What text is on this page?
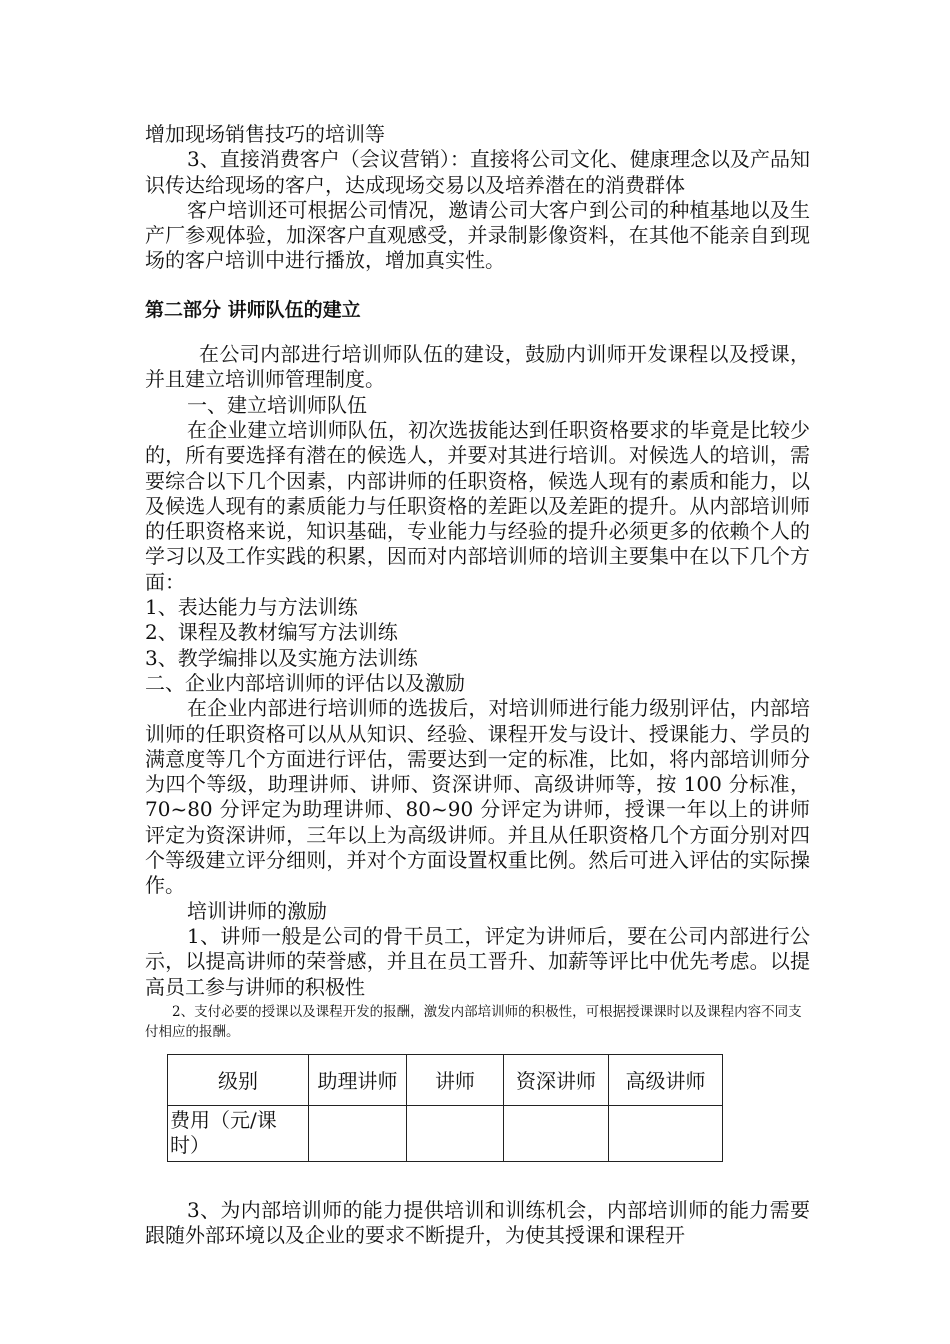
增加现场销售技巧的培训等

3、直接消费客户（会议营销）：直接将公司文化、健康理念以及产品知识传达给现场的客户，达成现场交易以及培养潜在的消费群体

客户培训还可根据公司情况，邀请公司大客户到公司的种植基地以及生产厂参观体验，加深客户直观感受，并录制影像资料，在其他不能亲自到现场的客户培训中进行播放，增加真实性。

第二部分 讲师队伍的建立

在公司内部进行培训师队伍的建设，鼓励内训师开发课程以及授课，并且建立培训师管理制度。

一、建立培训师队伍

在企业建立培训师队伍，初次选拔能达到任职资格要求的毕竟是比较少的，所有要选择有潜在的候选人，并要对其进行培训。对候选人的培训，需要综合以下几个因素，内部讲师的任职资格，候选人现有的素质和能力，以及候选人现有的素质能力与任职资格的差距以及差距的提升。从内部培训师的任职资格来说，知识基础，专业能力与经验的提升必须更多的依赖个人的学习以及工作实践的积累，因而对内部培训师的培训主要集中在以下几个方面：

1、表达能力与方法训练

2、课程及教材编写方法训练

3、教学编排以及实施方法训练

二、企业内部培训师的评估以及激励

在企业内部进行培训师的选拔后，对培训师进行能力级别评估，内部培训师的任职资格可以从从知识、经验、课程开发与设计、授课能力、学员的满意度等几个方面进行评估，需要达到一定的标准，比如，将内部培训师分为四个等级，助理讲师、讲师、资深讲师、高级讲师等，按 100 分标准，70~80 分评定为助理讲师、80~90 分评定为讲师，授课一年以上的讲师评定为资深讲师，三年以上为高级讲师。并且从任职资格几个方面分别对四个等级建立评分细则，并对个方面设置权重比例。然后可进入评估的实际操作。

培训讲师的激励

1、讲师一般是公司的骨干员工，评定为讲师后，要在公司内部进行公示，以提高讲师的荣誉感，并且在员工晋升、加薪等评比中优先考虑。以提高员工参与讲师的积极性

2、支付必要的授课以及课程开发的报酬，激发内部培训师的积极性，可根据授课课时以及课程内容不同支付相应的报酬。

级别	助理讲师	讲师	资深讲师	高级讲师
费用（元/课时）				

3、为内部培训师的能力提供培训和训练机会，内部培训师的能力需要跟随外部环境以及企业的要求不断提升，为使其授课和课程开
